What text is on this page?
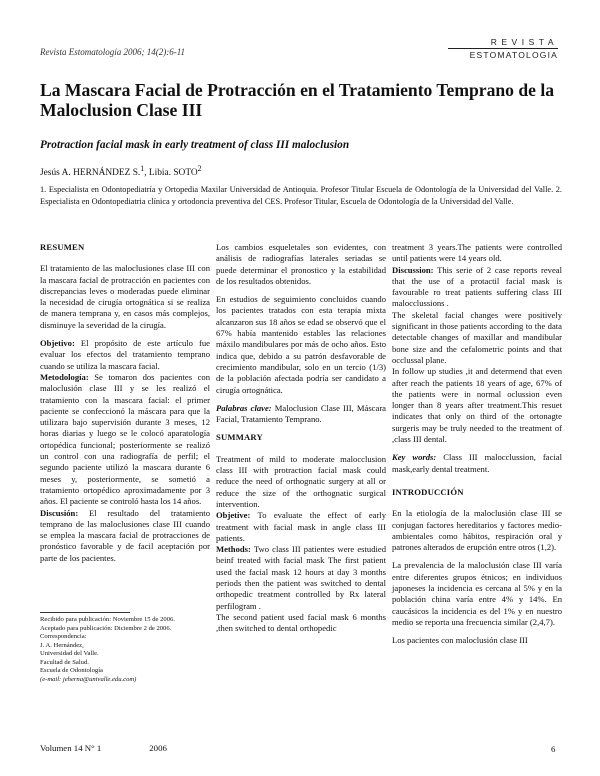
Revista Estomatología 2006; 14(2):6-11
REVISTA
ESTOMATOLOGIA
La Mascara Facial de Protracción en el Tratamiento Temprano de la Maloclusion Clase III
Protraction facial mask in early treatment of class III maloclusion
Jesús A. HERNÁNDEZ S.$^1$, Libia. SOTO$^2$

1. Especialista en Odontopediatría y Ortopedia Maxilar Universidad de Antioquia. Profesor Titular Escuela de Odontología de la Universidad del Valle. 2. Especialista en Odontopediatria clínica y ortodoncia preventiva del CES. Profesor Titular, Escuela de Odontología de la Universidad del Valle.

RESUMEN

El tratamiento de las maloclusiones clase III con la mascara facial de protracción en pacientes con discrepancias leves o moderadas puede eliminar la necesidad de cirugía ortognática si se realiza de manera temprana y, en casos más complejos, disminuye la severidad de la cirugía.

Objetivo: El propósito de este artículo fue evaluar los efectos del tratamiento temprano cuando se utiliza la mascara facial.

Metodología: Se tomaron dos pacientes con maloclusión clase III y se les realizó el tratamiento con la mascara facial: el primer paciente se confeccionó la máscara para que la utilizara bajo supervisión durante 3 meses, 12 horas diarias y luego se le colocó aparatología ortopédica funcional; posteriormente se realizó un control con una radiografía de perfil; el segundo paciente utilizó la mascara durante 6 meses y, posteriormente, se sometió a tratamiento ortopédico aproximadamente por 3 años. El paciente se controló hasta los 14 años.

Discusión: El resultado del tratamiento temprano de las maloclusiones clase III cuando se emplea la mascara facial de protracciones de pronóstico favorable y de facil aceptación por parte de los pacientes.

Los cambios esqueletales son evidentes, con análisis de radiografías laterales seriadas se puede determinar el pronostico y la estabilidad de los resultados obtenidos.

En estudios de seguimiento concluidos cuando los pacientes tratados con esta terapia mixta alcanzaron sus 18 años se edad se observó que el 67% había mantenido estables las relaciones máxilo mandibulares por más de ocho años. Esto indica que, debido a su patrón desfavorable de crecimiento mandibular, solo en un tercio (1/3) de la población afectada podría ser candidato a cirugía ortognática.

Palabras clave: Maloclusion Clase III, Máscara Facial, Tratamiento Temprano.

SUMMARY

Treatment of mild to moderate malocclusion class III with protraction facial mask could reduce the need of orthognatic surgery at all or reduce the size of the orthognatic surgical intervention.

Objetive: To evaluate the effect of early treatment with facial mask in angle class III patients.

Methods: Two class III patientes were estudied beinf treated with facial mask The first patient used the facial mask 12 hours at day 3 months periods then the patient was switched to dental orthopedic treatment controlled by Rx lateral perfilogram .

The second patient used facial mask 6 months ,then switched to dental orthopedic

treatment 3 years.The patients were controlled until patients were 14 years old.

Discussion: This serie of 2 case reports reveal that the use of a protactil facial mask is favourable ro treat patients suffering class III malocclussions .

The skeletal facial changes were positively significant in those patients according to the data detectable changes of maxillar and mandibular bone size and the cefalometric points and that occlussal plane.

In follow up studies ,it and determend that even after reach the patients 18 years of age, 67% of the patients were in normal oclussion even longer than 8 years after treatment.This resuet indicates that only on third of the ortonagte surgeris may be truly needed to the treatment of ,class III dental.

Key words: Class III malocclussion, facial mask,early dental treatment.

INTRODUCCIÓN

En la etiología de la maloclusión clase III se conjugan factores hereditarios y factores medio-ambientales como hábitos, respiración oral y patrones alterados de erupción entre otros (1,2).

La prevalencia de la maloclusión clase III varía entre diferentes grupos étnicos; en individuos japoneses la incidencia es cercana al 5% y en la población china varía entre 4% y 14%. En caucásicos la incidencia es del 1% y en nuestro medio se reporta una frecuencia similar (2,4,7).

Los pacientes con maloclusión clase III

Recibido para publicación: Noviembre 15 de 2006.
Aceptado para publicación: Diciembre 2 de 2006.
Correspondencia:
J. A. Hernández,
Universidad del Valle.
Facultad de Salud.
Escuela de Odontología
(e-mail: jeherna@univalle.edu.com)
Volumen 14 N° 1	2006	6
